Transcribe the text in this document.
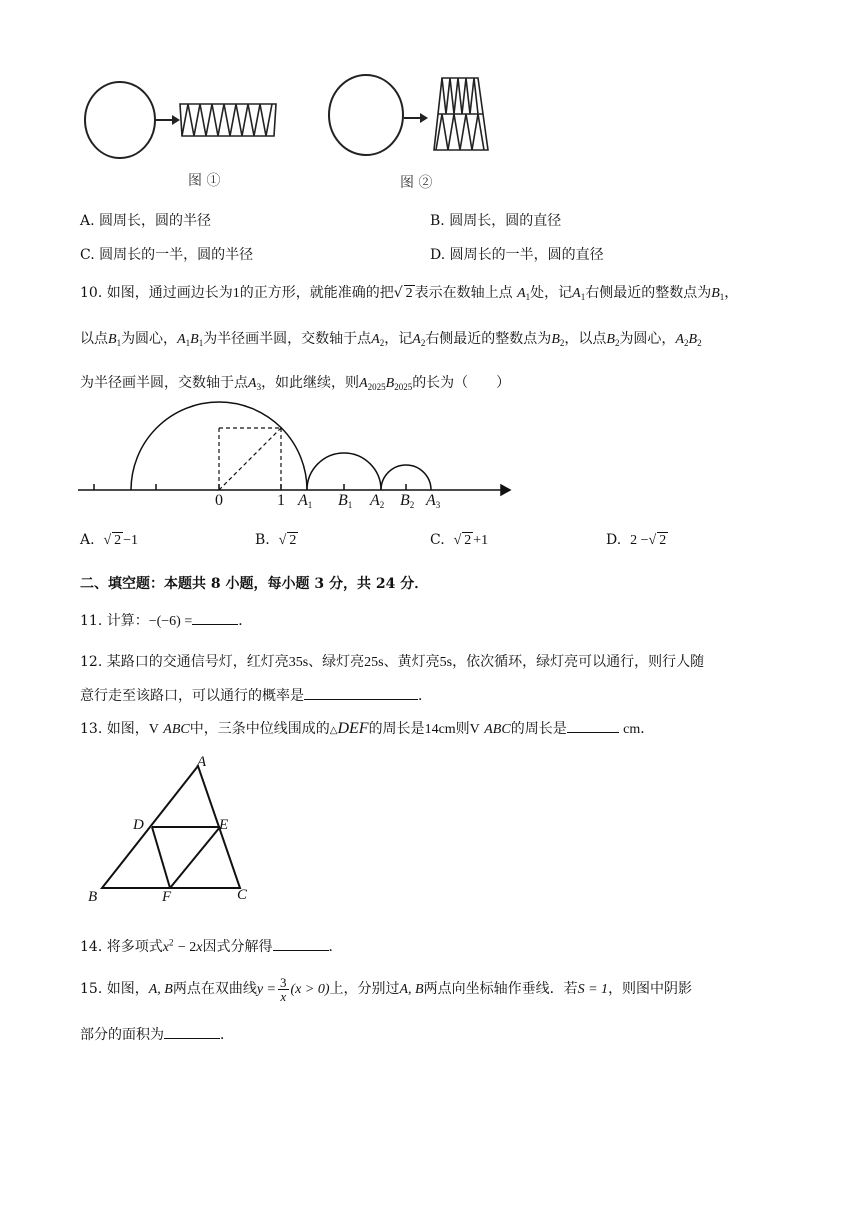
图 ①	图 ②
A. 圆周长，圆的半径	B. 圆周长，圆的直径
C. 圆周长的一半，圆的半径	D. 圆周长的一半，圆的直径
10. 如图，通过画边长为1的正方形，就能准确的把√ 2 表示在数轴上点 $A_1$处，记$A_1$右侧最近的整数点为$B_1$，
以点$B_1$为圆心，$A_1B_1$为半径画半圆，交数轴于点$A_2$，记$A_2$右侧最近的整数点为$B_2$，以点$B_2$为圆心，$A_2B_2$
为半径画半圆，交数轴于点$A_3$，如此继续，则$A_{2025}B_{2025}$的长为（　　）
0	1 $A_1$ $B_1$ $A_2$ $B_2$ $A_3$
A. √ 2 −1	B. √ 2	C. √ 2 +1	D. 2 −√ 2
二、填空题：本题共 8 小题，每小题 3 分，共 24 分．
11. 计算：−(−6) =	．
12. 某路口的交通信号灯，红灯亮35s、绿灯亮25s、黄灯亮5s，依次循环，绿灯亮可以通行，则行人随
意行走至该路口，可以通行的概率是	．
13. 如图，V ABC中，三条中位线围成的△DEF的周长是14cm则V ABC的周长是	cm．
A
D	E
B	F	C
14. 将多项式$x^2 - 2x$因式分解得	．
15. 如图，A, B两点在双曲线$y = \frac{3}{x} (x > 0)$上，分别过A, B两点向坐标轴作垂线．若S = 1，则图中阴影
部分的面积为	．
